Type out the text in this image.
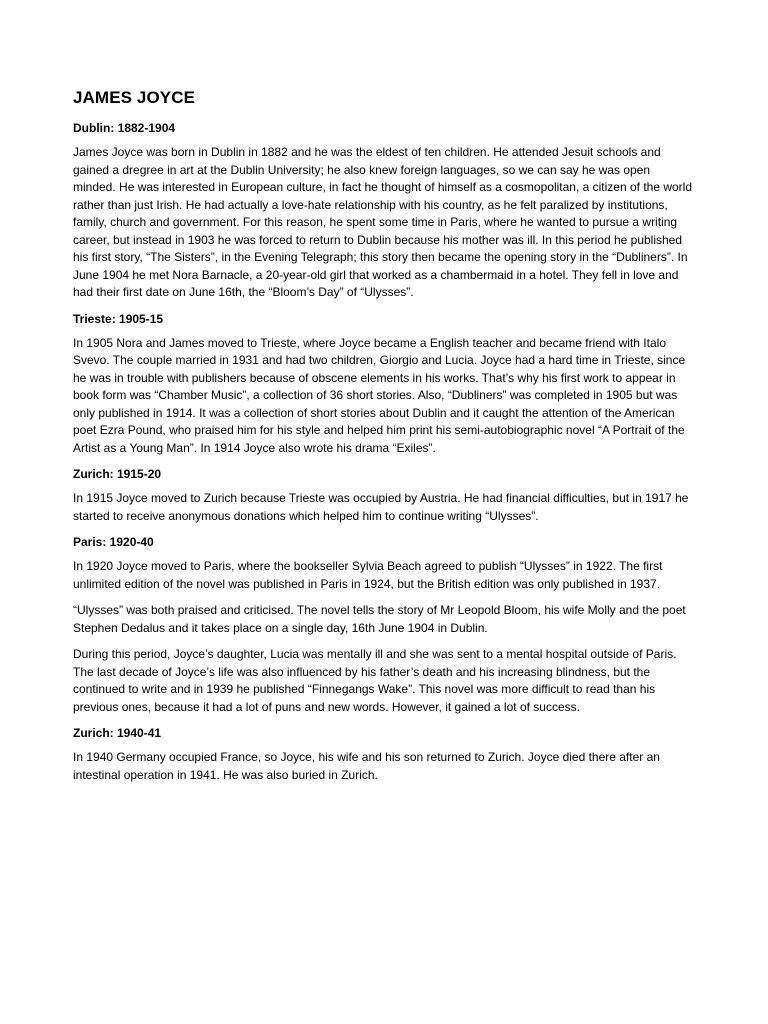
JAMES JOYCE
Dublin: 1882-1904

James Joyce was born in Dublin in 1882 and he was the eldest of ten children. He attended Jesuit schools and gained a dregree in art at the Dublin University; he also knew foreign languages, so we can say he was open minded. He was interested in European culture, in fact he thought of himself as a cosmopolitan, a citizen of the world rather than just Irish. He had actually a love-hate relationship with his country, as he felt paralized by institutions, family, church and government. For this reason, he spent some time in Paris, where he wanted to pursue a writing career, but instead in 1903 he was forced to return to Dublin because his mother was ill. In this period he published his first story, “The Sisters”, in the Evening Telegraph; this story then became the opening story in the “Dubliners”. In June 1904 he met Nora Barnacle, a 20-year-old girl that worked as a chambermaid in a hotel. They fell in love and had their first date on June 16th, the “Bloom’s Day” of “Ulysses”.

Trieste: 1905-15

In 1905 Nora and James moved to Trieste, where Joyce became a English teacher and became friend with Italo Svevo. The couple married in 1931 and had two children, Giorgio and Lucia. Joyce had a hard time in Trieste, since he was in trouble with publishers because of obscene elements in his works. That’s why his first work to appear in book form was “Chamber Music”, a collection of 36 short stories. Also, “Dubliners” was completed in 1905 but was only published in 1914. It was a collection of short stories about Dublin and it caught the attention of the American poet Ezra Pound, who praised him for his style and helped him print his semi-autobiographic novel “A Portrait of the Artist as a Young Man”. In 1914 Joyce also wrote his drama “Exiles”.

Zurich: 1915-20

In 1915 Joyce moved to Zurich because Trieste was occupied by Austria. He had financial difficulties, but in 1917 he started to receive anonymous donations which helped him to continue writing “Ulysses”.

Paris: 1920-40

In 1920 Joyce moved to Paris, where the bookseller Sylvia Beach agreed to publish “Ulysses” in 1922. The first unlimited edition of the novel was published in Paris in 1924, but the British edition was only published in 1937.

“Ulysses” was both praised and criticised. The novel tells the story of Mr Leopold Bloom, his wife Molly and the poet Stephen Dedalus and it takes place on a single day, 16th June 1904 in Dublin.

During this period, Joyce’s daughter, Lucia was mentally ill and she was sent to a mental hospital outside of Paris. The last decade of Joyce’s life was also influenced by his father’s death and his increasing blindness, but the continued to write and in 1939 he published “Finnegangs Wake”. This novel was more difficult to read than his previous ones, because it had a lot of puns and new words. However, it gained a lot of success.

Zurich: 1940-41

In 1940 Germany occupied France, so Joyce, his wife and his son returned to Zurich. Joyce died there after an intestinal operation in 1941. He was also buried in Zurich.
